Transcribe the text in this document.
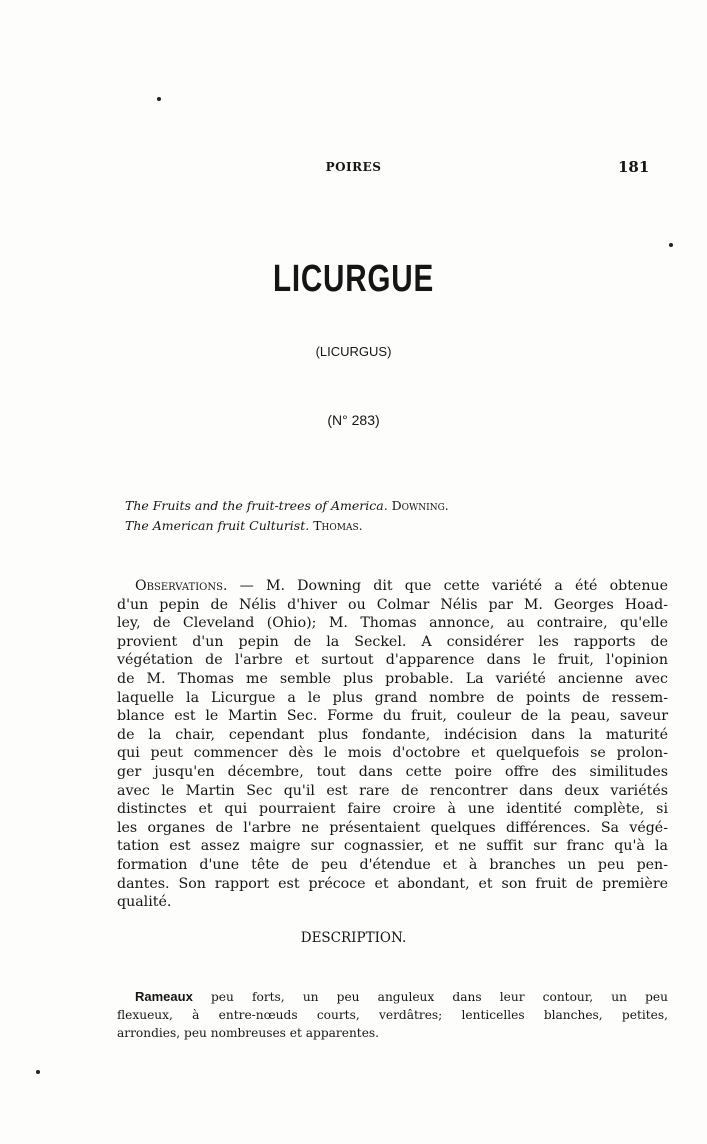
POIRES	181
LICURGUE
(LICURGUS)
(N° 283)
The Fruits and the fruit-trees of America. Downing.
The American fruit Culturist. Thomas.
Observations. — M. Downing dit que cette variété a été obtenue
d'un pepin de Nélis d'hiver ou Colmar Nélis par M. Georges Hoad-
ley, de Cleveland (Ohio); M. Thomas annonce, au contraire, qu'elle
provient d'un pepin de la Seckel. A considérer les rapports de
végétation de l'arbre et surtout d'apparence dans le fruit, l'opinion
de M. Thomas me semble plus probable. La variété ancienne avec
laquelle la Licurgue a le plus grand nombre de points de ressem-
blance est le Martin Sec. Forme du fruit, couleur de la peau, saveur
de la chair, cependant plus fondante, indécision dans la maturité
qui peut commencer dès le mois d'octobre et quelquefois se prolon-
ger jusqu'en décembre, tout dans cette poire offre des similitudes
avec le Martin Sec qu'il est rare de rencontrer dans deux variétés
distinctes et qui pourraient faire croire à une identité complète, si
les organes de l'arbre ne présentaient quelques différences. Sa végé-
tation est assez maigre sur cognassier, et ne suffit sur franc qu'à la
formation d'une tête de peu d'étendue et à branches un peu pen-
dantes. Son rapport est précoce et abondant, et son fruit de première
qualité.
DESCRIPTION.
Rameaux peu forts, un peu anguleux dans leur contour, un peu
flexueux, à entre-nœuds courts, verdâtres; lenticelles blanches, petites,
arrondies, peu nombreuses et apparentes.
